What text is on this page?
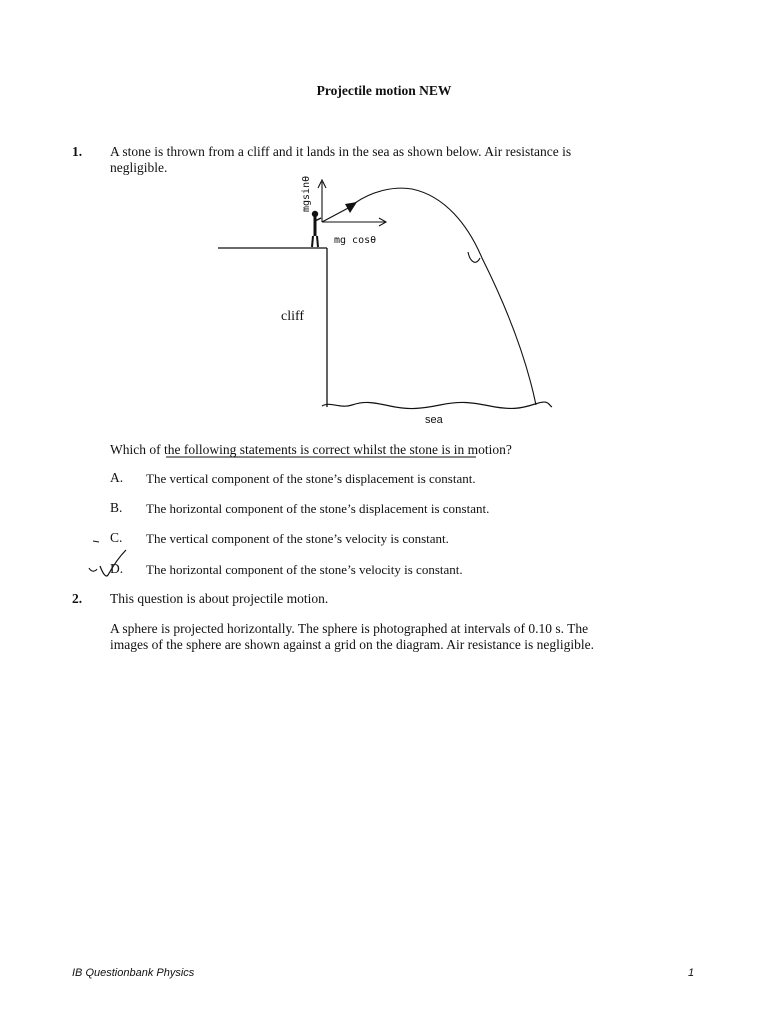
Projectile motion NEW
1. A stone is thrown from a cliff and it lands in the sea as shown below. Air resistance is negligible.
mgsinθ
mg cosθ
cliff
sea
Which of the following statements is correct whilst the stone is in motion?
A. The vertical component of the stone’s displacement is constant.
B. The horizontal component of the stone’s displacement is constant.
C. The vertical component of the stone’s velocity is constant.
D. The horizontal component of the stone’s velocity is constant.
2. This question is about projectile motion.
A sphere is projected horizontally. The sphere is photographed at intervals of 0.10 s. The images of the sphere are shown against a grid on the diagram. Air resistance is negligible.
IB Questionbank Physics	1
